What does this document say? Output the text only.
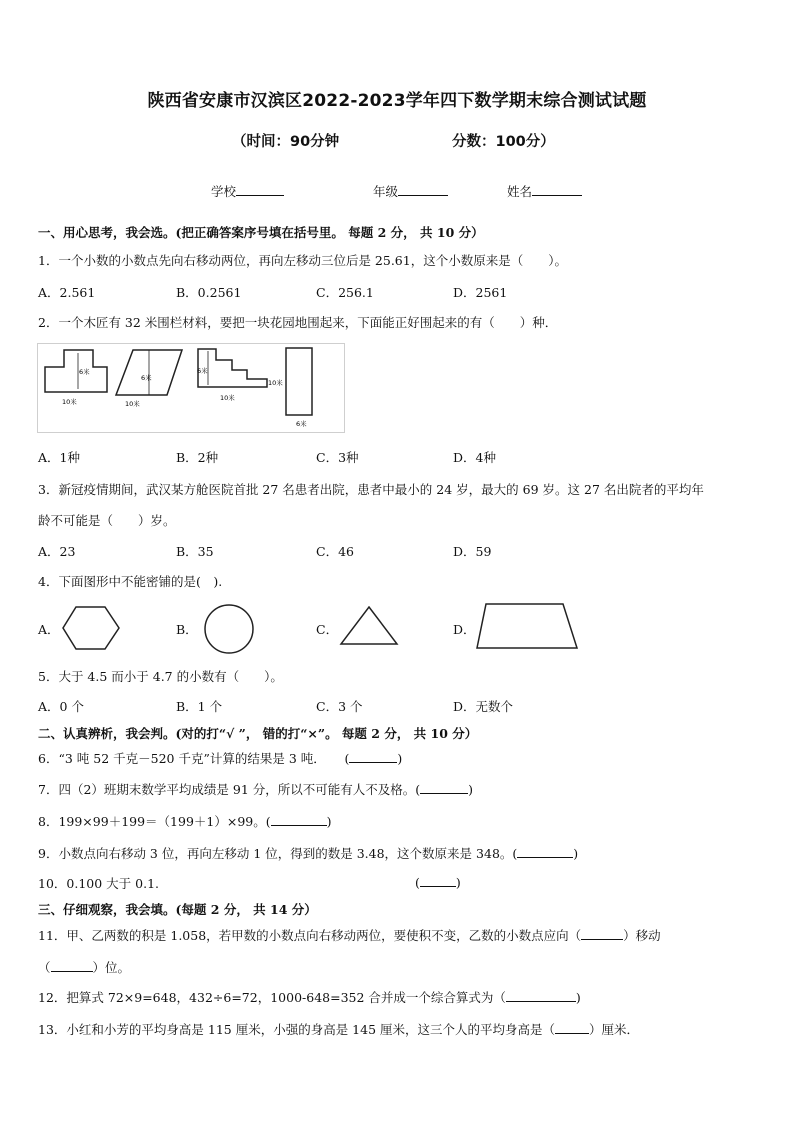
陕西省安康市汉滨区2022-2023学年四下数学期末综合测试试题
（时间：90分钟	分数：100分）
学校	年级	姓名
一、用心思考，我会选。(把正确答案序号填在括号里。 每题 2 分， 共 10 分）
1．一个小数的小数点先向右移动两位，再向左移动三位后是 25.61，这个小数原来是（　　）。
A．2.561	B．0.2561	C．256.1	D．2561
2．一个木匠有 32 米围栏材料，要把一块花园地围起来，下面能正好围起来的有（　　）种．
6米
10米
6米
10米
6米
10米
10米
6米
A．1种	B．2种	C．3种	D．4种
3．新冠疫情期间，武汉某方舱医院首批 27 名患者出院，患者中最小的 24 岁，最大的 69 岁。这 27 名出院者的平均年
龄不可能是（　　）岁。
A．23	B．35	C．46	D．59
4．下面图形中不能密铺的是(　).
A．	B．	C．	D．
5．大于 4.5 而小于 4.7 的小数有（　　）。
A．0 个	B．1 个	C．3 个	D．无数个
二、认真辨析，我会判。(对的打“√ ”， 错的打“×”。 每题 2 分， 共 10 分）
6．“3 吨 52 千克－520 千克”计算的结果是 3 吨．　　(	)
7．四（2）班期末数学平均成绩是 91 分，所以不可能有人不及格。(	)
8．199×99＋199＝（199＋1）×99。(	)
9．小数点向右移动 3 位，再向左移动 1 位，得到的数是 3.48，这个数原来是 348。(	)
10．0.100 大于 0.1.	(	)
三、仔细观察，我会填。(每题 2 分， 共 14 分）
11．甲、乙两数的积是 1.058，若甲数的小数点向右移动两位，要使积不变，乙数的小数点应向（	）移动
（	）位。
12．把算式 72×9=648，432÷6=72，1000-648=352 合并成一个综合算式为（	)
13．小红和小芳的平均身高是 115 厘米，小强的身高是 145 厘米，这三个人的平均身高是（	）厘米．
